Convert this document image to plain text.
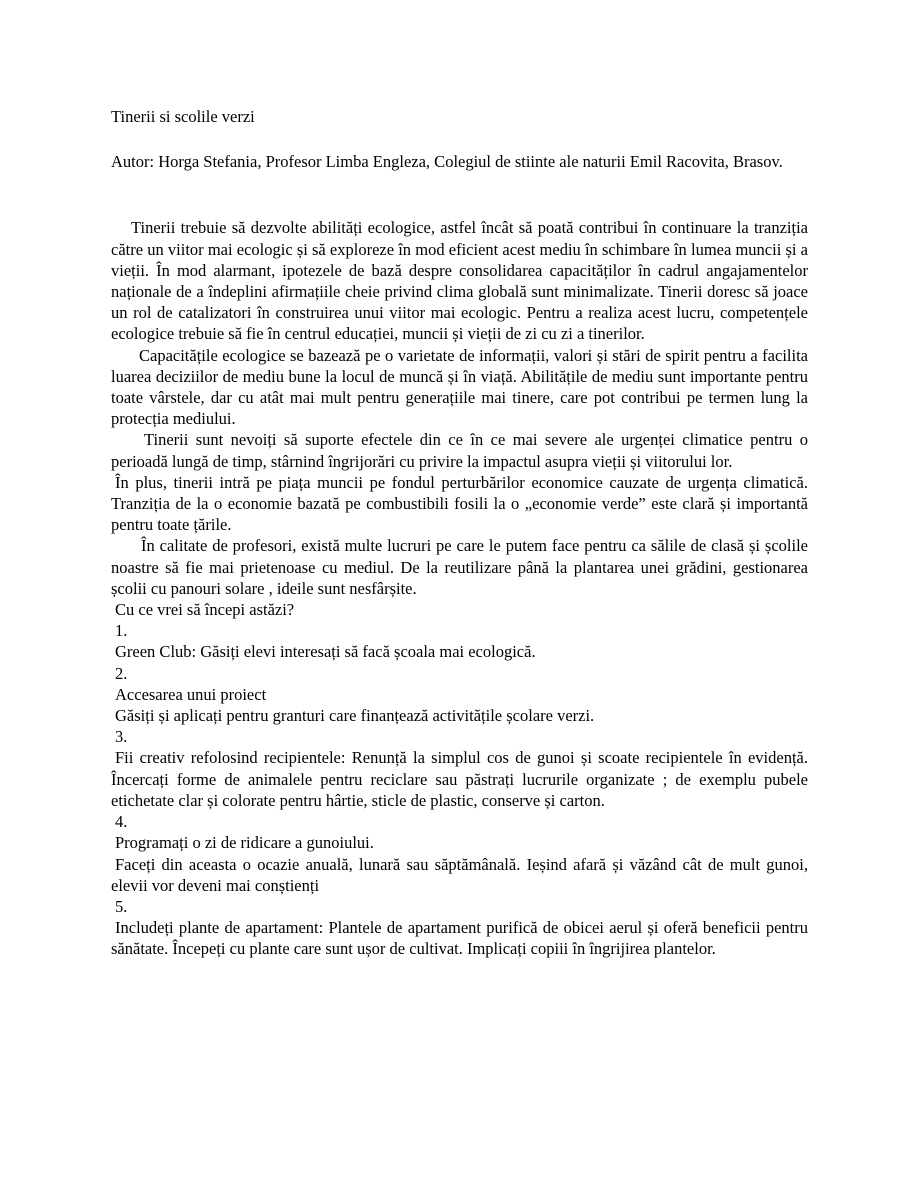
Tinerii si scolile verzi

Autor: Horga Stefania, Profesor Limba Engleza, Colegiul de stiinte ale naturii Emil Racovita, Brasov.

Tinerii trebuie să dezvolte abilități ecologice, astfel încât să poată contribui în continuare la tranziția către un viitor mai ecologic și să exploreze în mod eficient acest mediu în schimbare în lumea muncii și a vieții. În mod alarmant, ipotezele de bază despre consolidarea capacităților în cadrul angajamentelor naționale de a îndeplini afirmațiile cheie privind clima globală sunt minimalizate. Tinerii doresc să joace un rol de catalizatori în construirea unui viitor mai ecologic. Pentru a realiza acest lucru, competențele ecologice trebuie să fie în centrul educației, muncii și vieții de zi cu zi a tinerilor.

Capacitățile ecologice se bazează pe o varietate de informații, valori și stări de spirit pentru a facilita luarea deciziilor de mediu bune la locul de muncă și în viață. Abilitățile de mediu sunt importante pentru toate vârstele, dar cu atât mai mult pentru generațiile mai tinere, care pot contribui pe termen lung la protecția mediului.

Tinerii sunt nevoiți să suporte efectele din ce în ce mai severe ale urgenței climatice pentru o perioadă lungă de timp, stârnind îngrijorări cu privire la impactul asupra vieții și viitorului lor.

În plus, tinerii intră pe piața muncii pe fondul perturbărilor economice cauzate de urgența climatică. Tranziția de la o economie bazată pe combustibili fosili la o „economie verde” este clară și importantă pentru toate țările.

În calitate de profesori, există multe lucruri pe care le putem face pentru ca sălile de clasă și școlile noastre să fie mai prietenoase cu mediul. De la reutilizare până la plantarea unei grădini, gestionarea școlii cu panouri solare , ideile sunt nesfârșite.

Cu ce vrei să începi astăzi?

1.

Green Club: Găsiți elevi interesați să facă școala mai ecologică.

2.

Accesarea unui proiect

Găsiți și aplicați pentru granturi care finanțează activitățile școlare verzi.

3.

Fii creativ refolosind recipientele: Renunță la simplul cos de gunoi și scoate recipientele în evidență. Încercați forme de animalele pentru reciclare sau păstrați lucrurile organizate ; de exemplu pubele etichetate clar și colorate pentru hârtie, sticle de plastic, conserve și carton.

4.

Programați o zi de ridicare a gunoiului.

Faceți din aceasta o ocazie anuală, lunară sau săptămânală. Ieșind afară și văzând cât de mult gunoi, elevii vor deveni mai conștienți

5.

Includeți plante de apartament: Plantele de apartament purifică de obicei aerul și oferă beneficii pentru sănătate. Începeți cu plante care sunt ușor de cultivat. Implicați copiii în îngrijirea plantelor.
